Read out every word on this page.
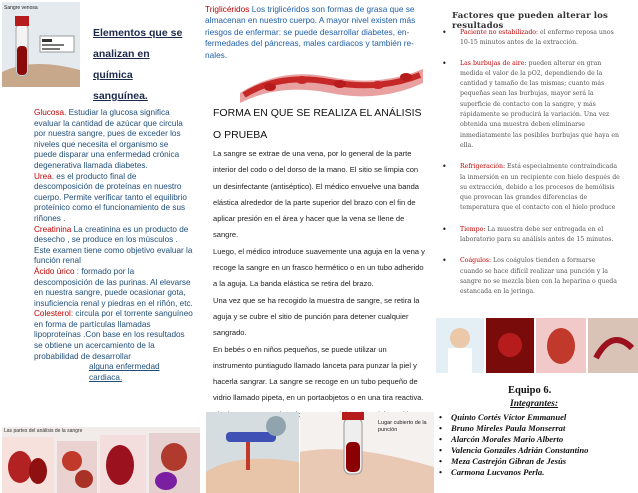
Sangre venosa
Elementos que se
analizan en
química
sanguínea.

Glucosa. Estudiar la glucosa significa evaluar la cantidad de azúcar que circula por nuestra sangre, pues de exceder los niveles que necesita el organismo se puede disparar una enfermedad crónica degenerativa llamada diabetes.

Urea. es el producto final de descomposición de proteínas en nuestro cuerpo. Permite verificar tanto el equilibrio proteínico como el funcionamiento de sus riñones .

Creatinina La creatinina es un producto de desecho , se produce en los músculos . Este examen tiene como objetivo evaluar la función renal

Ácido úrico : formado por la descomposición de las purinas. Al elevarse en nuestra sangre, puede ocasionar gota, insuficiencia renal y piedras en el riñón, etc.

Colesterol: circula por el torrente sanguíneo en forma de partículas llamadas lipoproteínas .Con base en los resultados se obtiene un acercamiento de la probabilidad de desarrollar

alguna enfermedad cardiaca.

Las partes del análisis de la sangre
Triglicéridos Los triglicéridos son formas de grasa que se almacenan en nuestro cuerpo. A mayor nivel existen más riesgos de enfermar: se puede desarrollar diabetes, en-fermedades del páncreas, males cardiacos y también re-nales.
FORMA EN QUE SE REALIZA EL ANÁLISIS
O PRUEBA
La sangre se extrae de una vena, por lo general de la parte interior del codo o del dorso de la mano. El sitio se limpia con un desinfectante (antiséptico). El médico envuelve una banda elástica alrededor de la parte superior del brazo con el fin de aplicar presión en el área y hacer que la vena se llene de sangre.
Luego, el médico introduce suavemente una aguja en la vena y recoge la sangre en un frasco hermético o en un tubo adherido a la aguja. La banda elástica se retira del brazo.
Una vez que se ha recogido la muestra de sangre, se retira la aguja y se cubre el sitio de punción para detener cualquier sangrado.
En bebés o en niños pequeños, se puede utilizar un instrumento puntiagudo llamado lanceta para punzar la piel y hacerla sangrar. La sangre se recoge en un tubo pequeño de vidrio llamado pipeta, en un portaobjetos o en una tira reactiva.
Lugar cubierto de la punción
Factores que pueden alterar los resultados
• Paciente no estabilizado: el enfermo reposa unos 10-15 minutos antes de la extracción.
• Las burbujas de aire: pueden alterar en gran medida el valor de la pO2, dependiendo de la cantidad y tamaño de las mismas; cuanto más pequeñas sean las burbujas, mayor será la superficie de contacto con la sangre, y más rápidamente se producirá la variación. Una vez obtenida una muestra deben eliminarse inmediatamente las posibles burbujas que haya en ella.
• Refrigeración: Está especialmente contraindicada la inmersión en un recipiente con hielo después de su extracción, debido a los procesos de hemólisis que provocan las grandes diferencias de temperatura que el contacto con el hielo produce
• Tiempo: La muestra debe ser entregada en el laboratorio para su análisis antes de 15 minutos.
• Coágulos: Los coágulos tienden a formarse cuando se hace difícil realizar una punción y la sangre no se mezcla bien con la heparina o queda estancada en la jeringa.
Equipo 6.
Integrantes:
• Quinto Cortés Víctor Emmanuel
• Bruno Mireles Paula Monserrat
• Alarcón Morales Mario Alberto
• Valencia Gonzáles Adrián Constantino
• Meza Castrejón Gibran de Jesús
• Carmona Lucvanos Perla.
